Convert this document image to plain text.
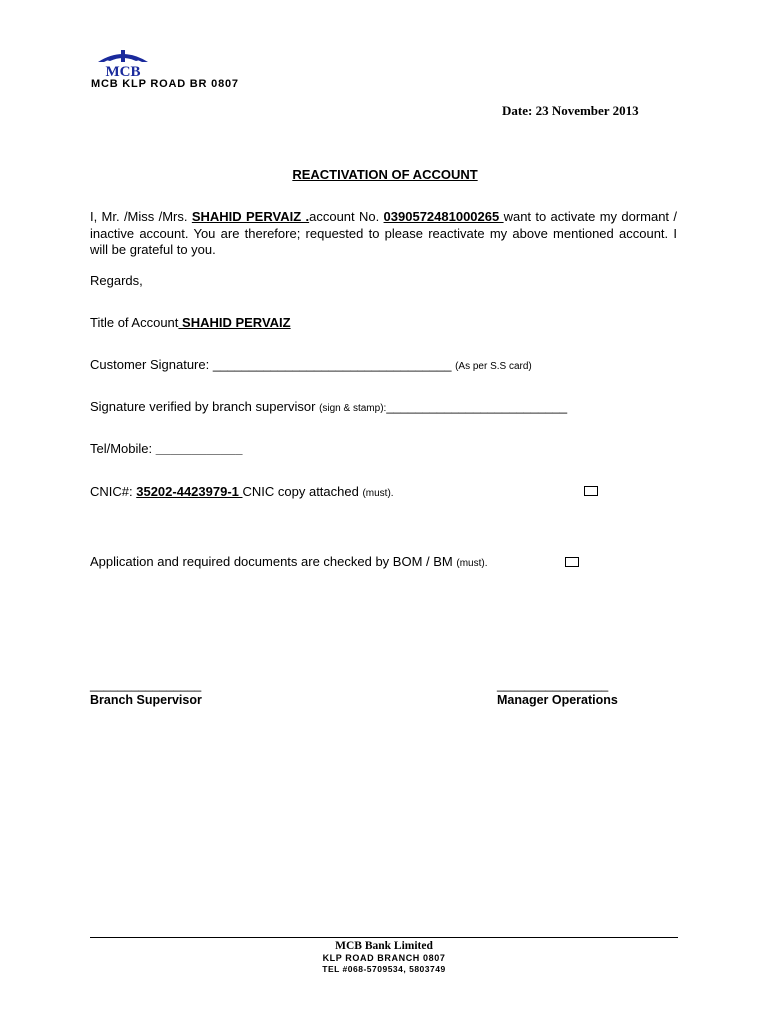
MCB
MCB KLP ROAD BR 0807
Date: 23 November 2013
REACTIVATION OF ACCOUNT
I, Mr. /Miss /Mrs. SHAHID PERVAIZ .account No. 0390572481000265 want to activate my dormant / inactive account. You are therefore; requested to please reactivate my above mentioned account. I will be grateful to you.
Regards,
Title of Account SHAHID PERVAIZ
Customer Signature: _________________________________ (As per S.S card)
Signature verified by branch supervisor (sign & stamp):_________________________
Tel/Mobile: ____________
CNIC#: 35202-4423979-1 CNIC copy attached (must).
Application and required documents are checked by BOM / BM (must).
________________
Branch Supervisor
________________
Manager Operations
MCB Bank Limited
KLP ROAD BRANCH 0807
TEL #068-5709534, 5803749
